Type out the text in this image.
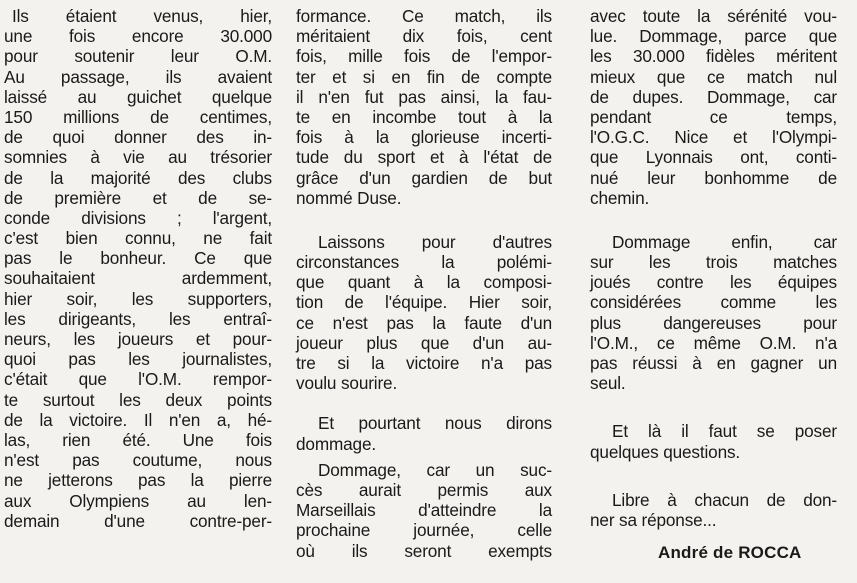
Ils étaient venus, hier,
une fois encore 30.000
pour soutenir leur O.M.
Au passage, ils avaient
laissé au guichet quelque
150 millions de centimes,
de quoi donner des in-
somnies à vie au trésorier
de la majorité des clubs
de première et de se-
conde divisions ; l'argent,
c'est bien connu, ne fait
pas le bonheur. Ce que
souhaitaient ardemment,
hier soir, les supporters,
les dirigeants, les entraî-
neurs, les joueurs et pour-
quoi pas les journalistes,
c'était que l'O.M. rempor-
te surtout les deux points
de la victoire. Il n'en a, hé-
las, rien été. Une fois
n'est pas coutume, nous
ne jetterons pas la pierre
aux Olympiens au len-
demain d'une contre-per-
formance. Ce match, ils
méritaient dix fois, cent
fois, mille fois de l'empor-
ter et si en fin de compte
il n'en fut pas ainsi, la fau-
te en incombe tout à la
fois à la glorieuse incerti-
tude du sport et à l'état de
grâce d'un gardien de but
nommé Duse.
Laissons pour d'autres
circonstances la polémi-
que quant à la composi-
tion de l'équipe. Hier soir,
ce n'est pas la faute d'un
joueur plus que d'un au-
tre si la victoire n'a pas
voulu sourire.
Et pourtant nous dirons
dommage.
Dommage, car un suc-
cès aurait permis aux
Marseillais d'atteindre la
prochaine journée, celle
où ils seront exempts
avec toute la sérénité vou-
lue. Dommage, parce que
les 30.000 fidèles méritent
mieux que ce match nul
de dupes. Dommage, car
pendant ce temps,
l'O.G.C. Nice et l'Olympi-
que Lyonnais ont, conti-
nué leur bonhomme de
chemin.
Dommage enfin, car
sur les trois matches
joués contre les équipes
considérées comme les
plus dangereuses pour
l'O.M., ce même O.M. n'a
pas réussi à en gagner un
seul.
Et là il faut se poser
quelques questions.
Libre à chacun de don-
ner sa réponse...
André de ROCCA
